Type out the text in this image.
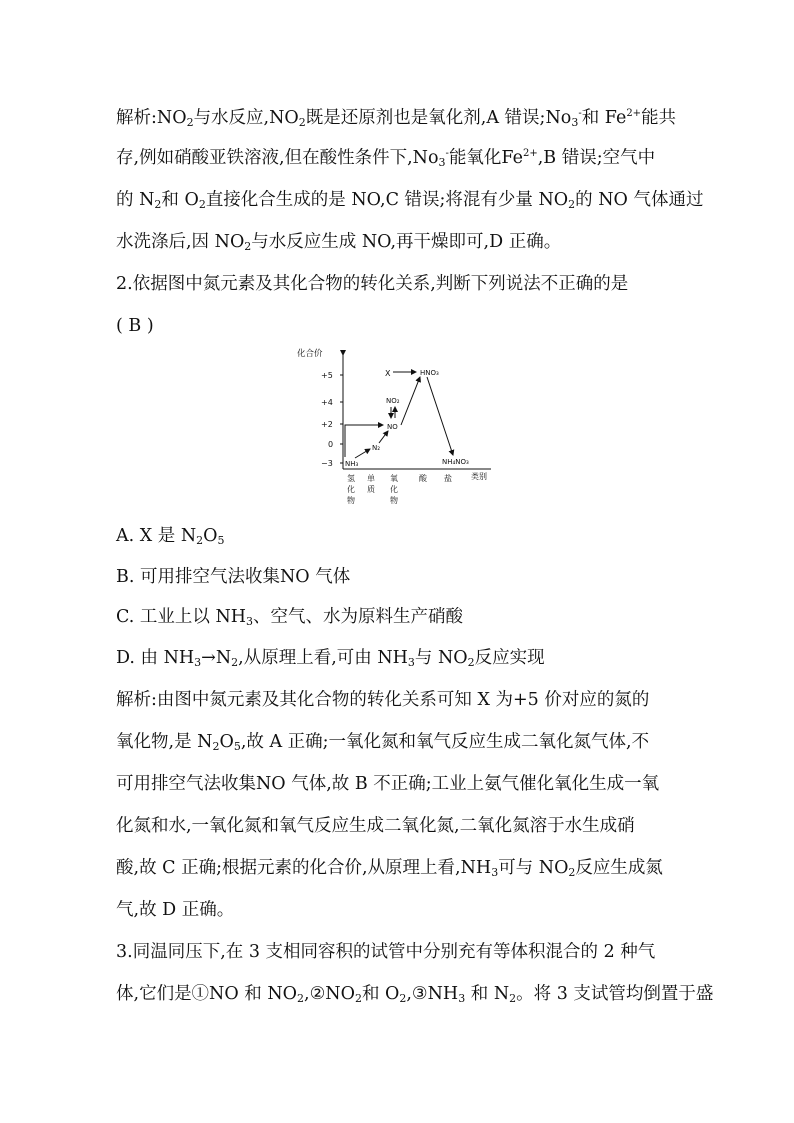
解析$:NO_2$与水反应$,NO_2$既是还原剂也是氧化剂,A 错误$;No_3^-$和 $Fe^{2+}$能共
存,例如硝酸亚铁溶液,但在酸性条件下$,No_3^-$能氧化$Fe^{2+},B$ 错误;空气中
的 $N_2$和 $O_2$直接化合生成的是 NO,C 错误;将混有少量 $NO_2$的 NO 气体通过
水洗涤后,因 $NO_2$与水反应生成 NO,再干燥即可,D 正确。
2.依据图中氮元素及其化合物的转化关系,判断下列说法不正确的是
( B )
化合价
+5
+4
+2
0
−3
X	HNO₃
NO₂
NO
N₂
NH₃	NH₄NO₃
氢
化
物
单
质
氧
化
物
酸 盐 类别
A. X 是 $N_2O_5$
B. 可用排空气法收集NO 气体
C. 工业上以 $NH_3$、空气、水为原料生产硝酸
D. 由 $NH_3\to N_2$,从原理上看,可由 $NH_3$与 $NO_2$反应实现
解析:由图中氮元素及其化合物的转化关系可知 X 为+5 价对应的氮的
氧化物,是 $N_2O_5$,故 A 正确;一氧化氮和氧气反应生成二氧化氮气体,不
可用排空气法收集NO 气体,故 B 不正确;工业上氨气催化氧化生成一氧
化氮和水,一氧化氮和氧气反应生成二氧化氮,二氧化氮溶于水生成硝
酸,故 C 正确;根据元素的化合价,从原理上看$,NH_3$可与 $NO_2$反应生成氮
气,故 D 正确。
3.同温同压下,在 3 支相同容积的试管中分别充有等体积混合的 2 种气
体,它们是①NO 和 $NO_2,②NO_2$和 $O_2,③NH_3$ 和 $N_2$。将 3 支试管均倒置于盛
